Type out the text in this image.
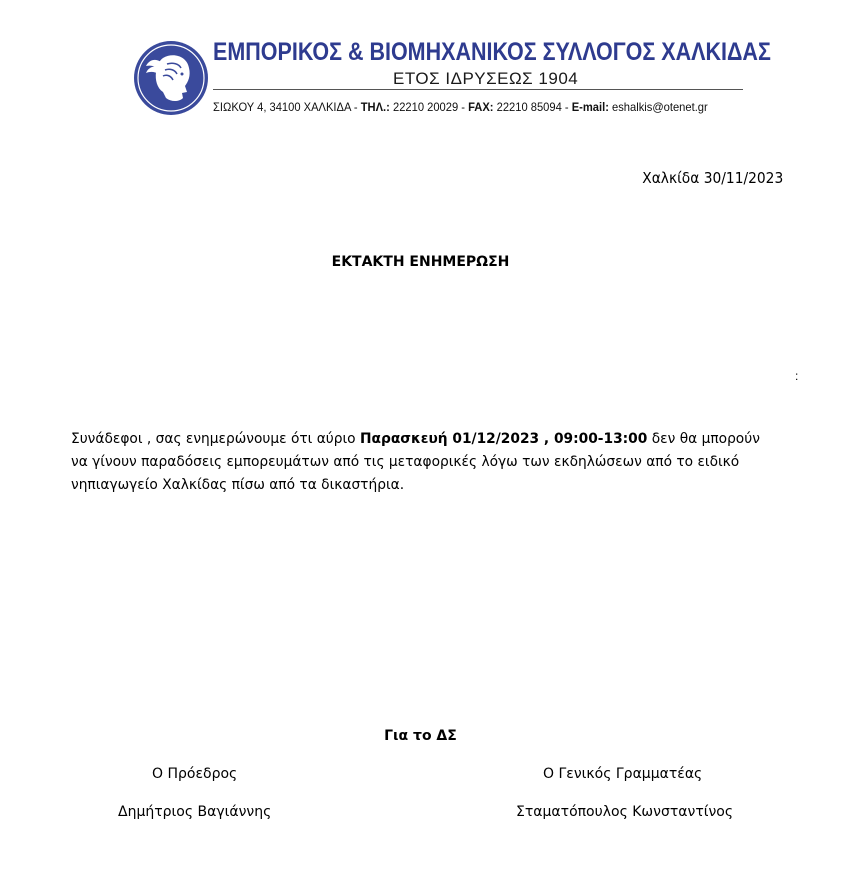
ΕΜΠΟΡΙΚΟΣ & ΒΙΟΜΗΧΑΝΙΚΟΣ ΣΥΛΛΟΓΟΣ ΧΑΛΚΙΔΑΣ
ΕΤΟΣ ΙΔΡΥΣΕΩΣ 1904
ΣΙΩΚΟΥ 4, 34100 ΧΑΛΚΙΔΑ - ΤΗΛ.: 22210 20029 - FAX: 22210 85094 - E-mail: eshalkis@otenet.gr
Χαλκίδα 30/11/2023
ΕΚΤΑΚΤΗ ΕΝΗΜΕΡΩΣΗ
:
Συνάδεφοι , σας ενημερώνουμε ότι αύριο Παρασκευή 01/12/2023 , 09:00-13:00 δεν θα μπορούν να γίνουν παραδόσεις εμπορευμάτων από τις μεταφορικές λόγω των εκδηλώσεων από το ειδικό νηπιαγωγείο Χαλκίδας πίσω από τα δικαστήρια.
Για το ΔΣ
Ο Πρόεδρος
Δημήτριος Βαγιάννης
Ο Γενικός Γραμματέας
Σταματόπουλος Κωνσταντίνος
